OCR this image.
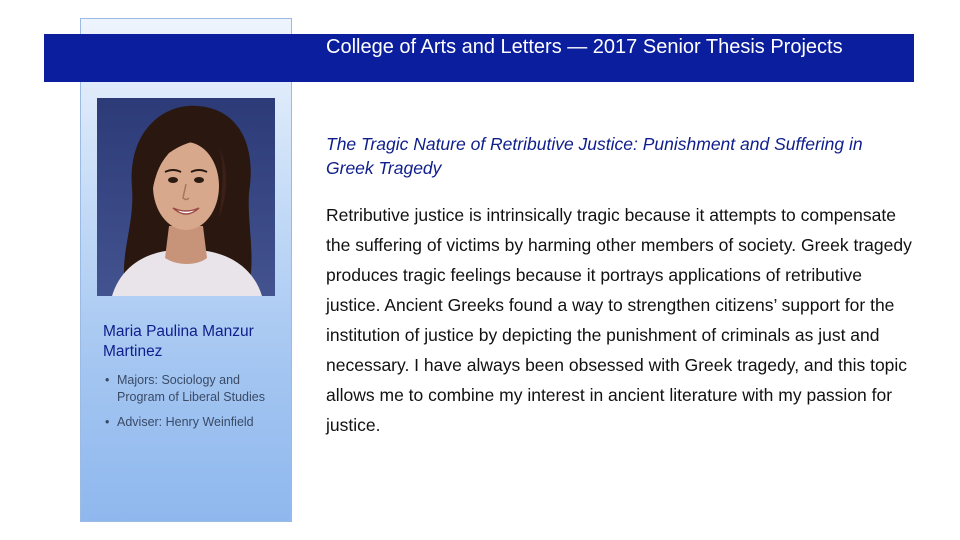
College of Arts and Letters — 2017 Senior Thesis Projects

Maria Paulina Manzur Martinez

• Majors: Sociology and Program of Liberal Studies
• Adviser: Henry Weinfield

The Tragic Nature of Retributive Justice: Punishment and Suffering in Greek Tragedy

Retributive justice is intrinsically tragic because it attempts to compensate the suffering of victims by harming other members of society. Greek tragedy produces tragic feelings because it portrays applications of retributive justice. Ancient Greeks found a way to strengthen citizens’ support for the institution of justice by depicting the punishment of criminals as just and necessary. I have always been obsessed with Greek tragedy, and this topic allows me to combine my interest in ancient literature with my passion for justice.
